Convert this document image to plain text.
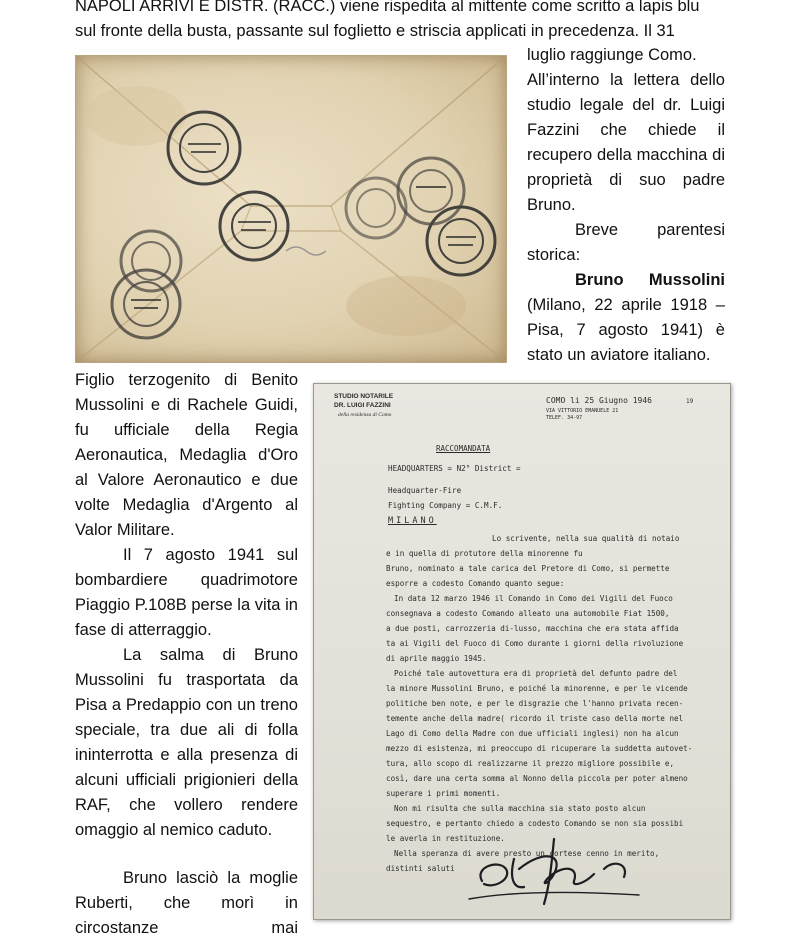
NAPOLI ARRIVI E DISTR. (RACC.) viene rispedita al mittente come scritto a lapis blu

sul fronte della busta, passante sul foglietto e striscia applicati in precedenza. Il 31

luglio raggiunge Como.

All’interno la lettera dello studio legale del dr. Luigi Fazzini che chiede il recupero della macchina di proprietà di suo padre Bruno.

Breve parentesi storica:

Bruno Mussolini (Milano, 22 aprile 1918 – Pisa, 7 agosto 1941) è stato un aviatore italiano.

Figlio terzogenito di Benito Mussolini e di Rachele Guidi, fu ufficiale della Regia Aeronautica, Medaglia d'Oro al Valore Aeronautico e due volte Medaglia d'Argento al Valor Militare.

Il 7 agosto 1941 sul bombardiere quadrimotore Piaggio P.108B perse la vita in fase di atterraggio.

La salma di Bruno Mussolini fu trasportata da Pisa a Predappio con un treno speciale, tra due ali di folla ininterrotta e alla presenza di alcuni ufficiali prigionieri della RAF, che vollero rendere omaggio al nemico caduto.

Bruno lasciò la moglie Ruberti, che morì in circostanze mai

STUDIO NOTARILE
DR. LUIGI FAZZINI
della residenza di Como
COMO li 25 Giugno 1946	19
VIA VITTORIO EMANUELE 21
TELEF. 34-97
RACCOMANDATA
HEADQUARTERS = N2° District =
Headquarter-Fire
Fighting Company = C.M.F.
MILANO
Lo scrivente, nella sua qualità di notaio
e in quella di protutore della minorenne fu
Bruno, nominato a tale carica del Pretore di Como, si permette
esporre a codesto Comando quanto segue:
In data 12 marzo 1946 il Comando in Como dei Vigili del Fuoco
consegnava a codesto Comando alleato una automobile Fiat 1500,
a due posti, carrozzeria di-lusso, macchina che era stata affida
ta ai Vigili del Fuoco di Como durante i giorni della rivoluzione
di aprile maggio 1945.
Poiché tale autovettura era di proprietà del defunto padre del
la minore Mussolini Bruno, e poiché la minorenne, e per le vicende
politiche ben note, e per le disgrazie che l'hanno privata recen-
temente anche della madre( ricordo il triste caso della morte nel
Lago di Como della Madre con due ufficiali inglesi) non ha alcun
mezzo di esistenza, mi preoccupo di ricuperare la suddetta autovet-
tura, allo scopo di realizzarne il prezzo migliore possibile e,
così, dare una certa somma al Nonno della piccola per poter almeno
superare i primi momenti.
Non mi risulta che sulla macchina sia stato posto alcun
sequestro, e pertanto chiedo a codesto Comando se non sia possibi
le averla in restituzione.
Nella speranza di avere presto un cortese cenno in merito,
distinti saluti
